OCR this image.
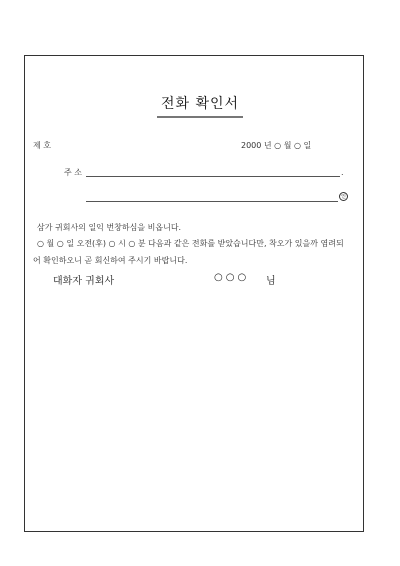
전화 확인서
제 호	2000 년 ○ 월 ○ 일
주 소	.
인
삼가 귀회사의 일익 번창하심을 비옵니다.
○ 월 ○ 일 오전(후) ○ 시 ○ 분 다음과 같은 전화를 받았습니다만, 착오가 있을까 염려되
어 확인하오니 곧 회신하여 주시기 바랍니다.
대화자 귀회사	○○○ 님
